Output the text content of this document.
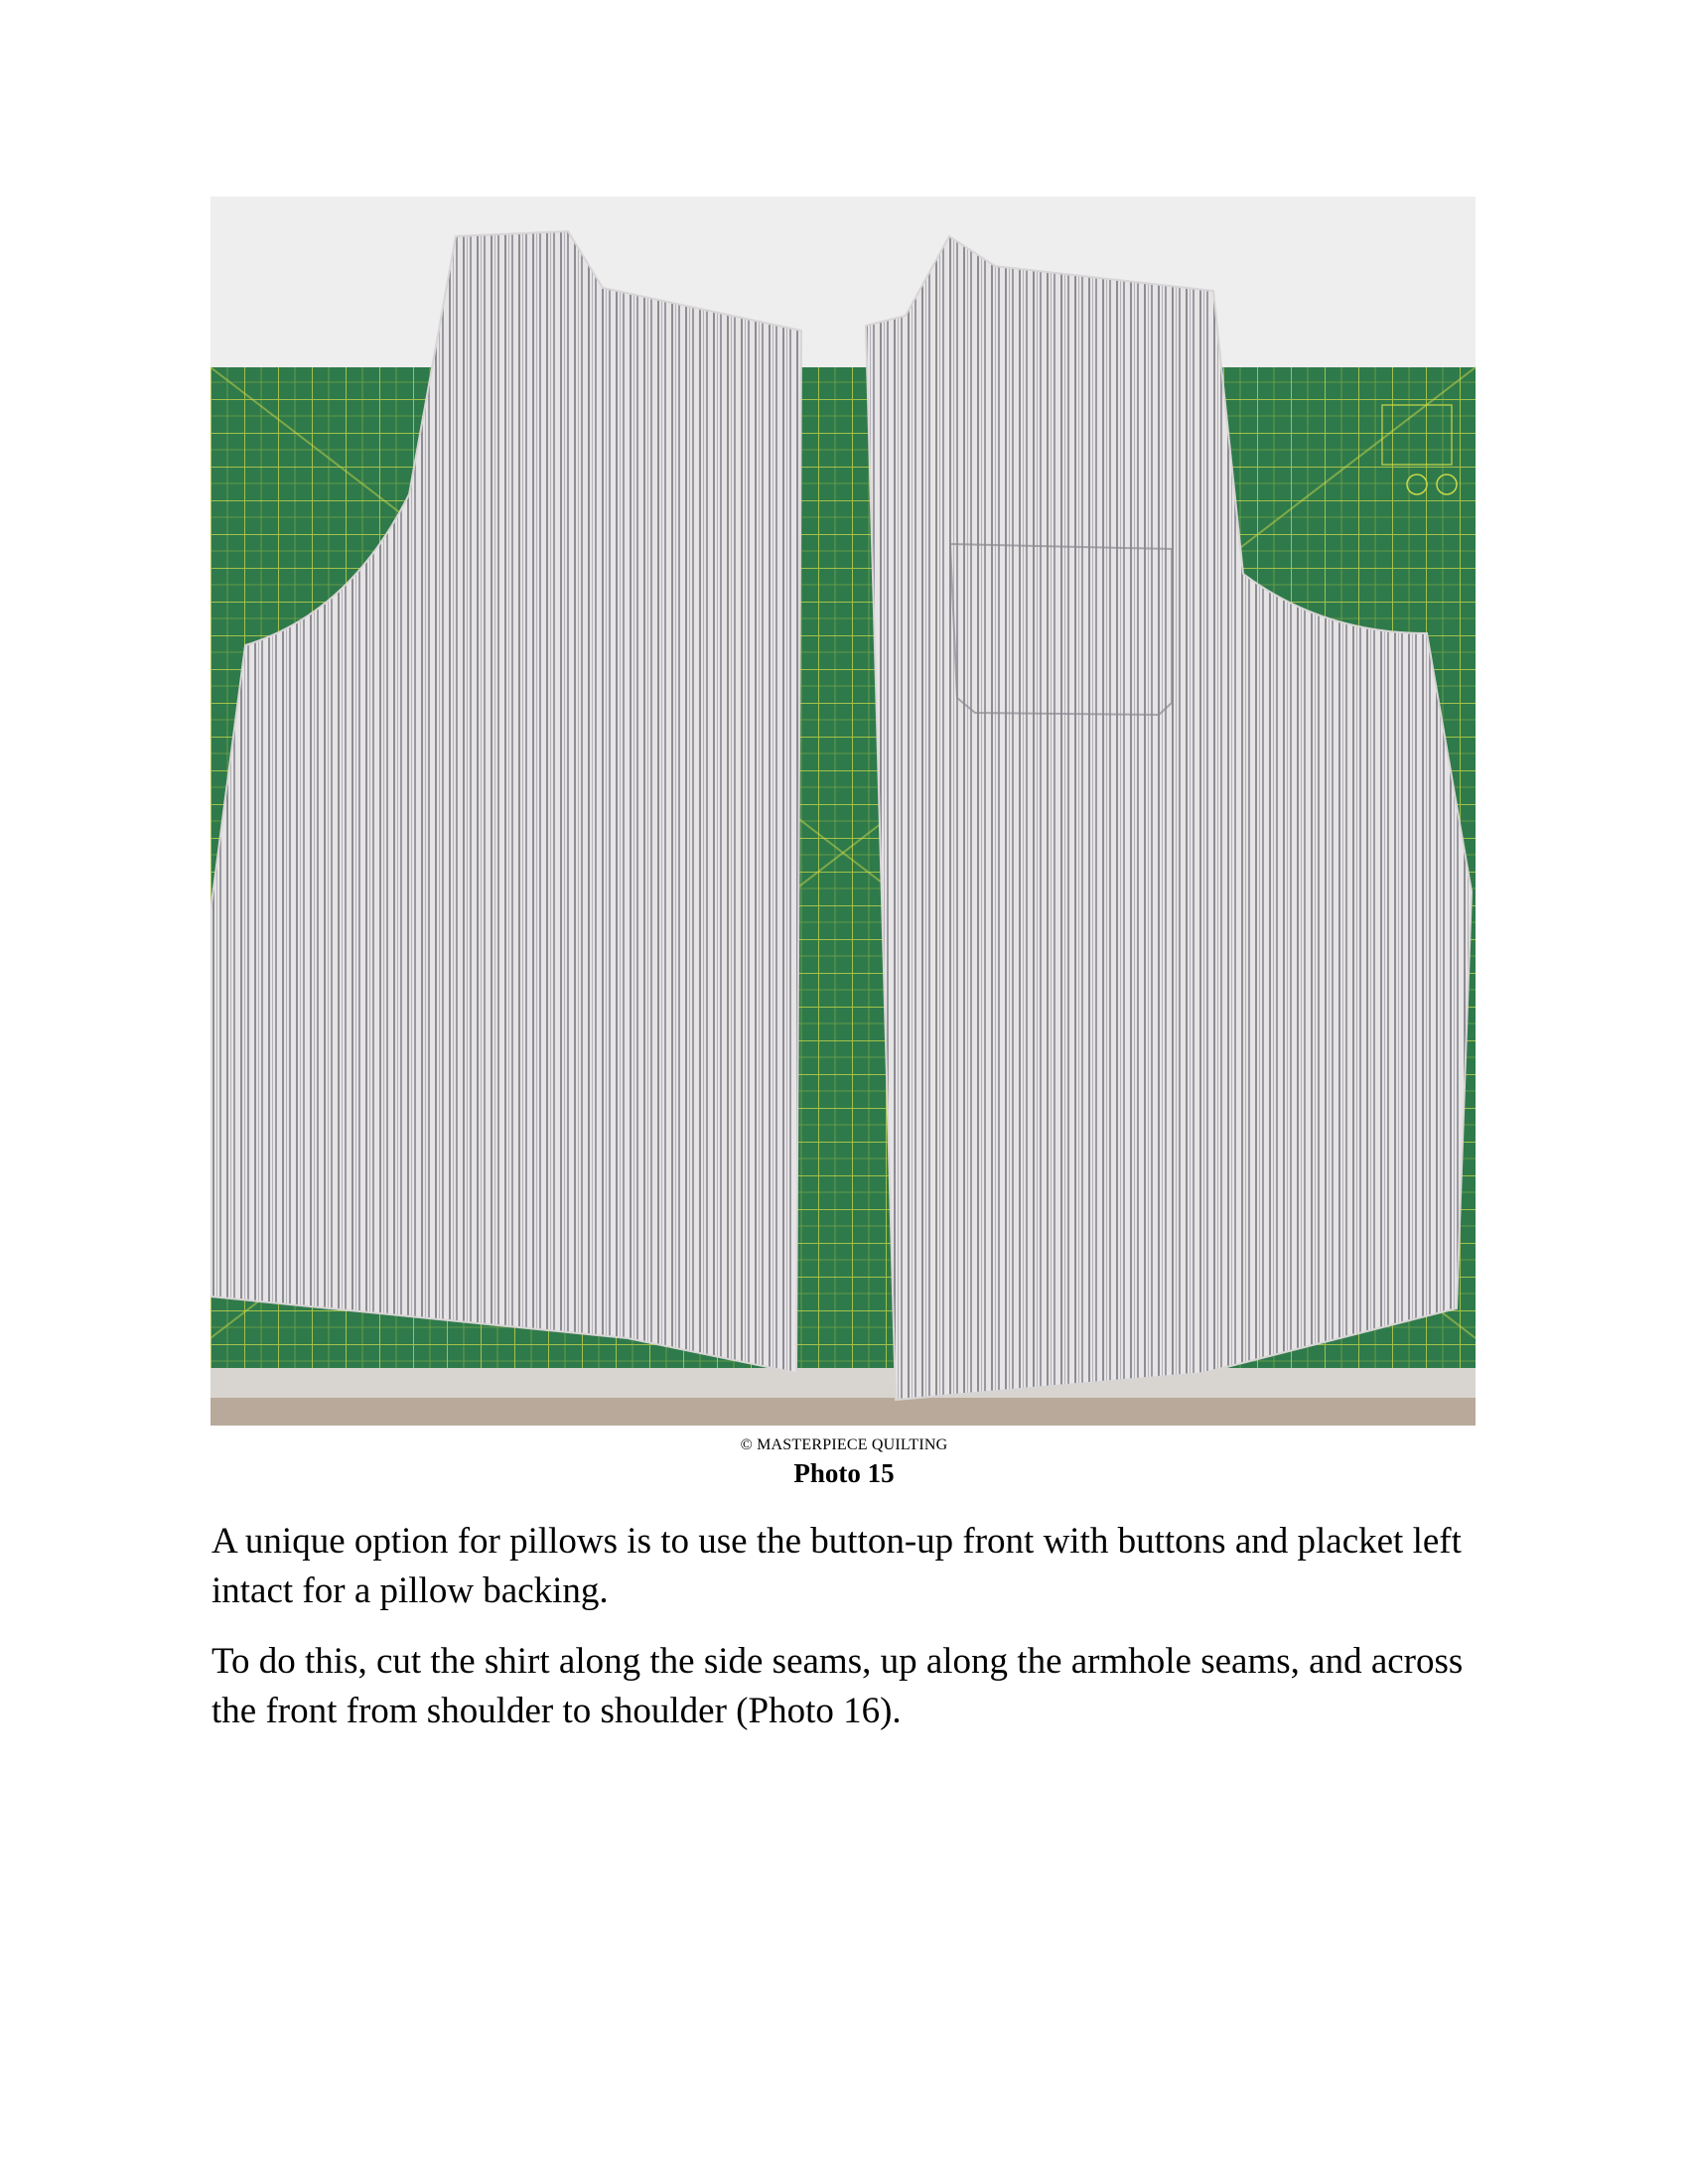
© MASTERPIECE QUILTING
Photo 15

A unique option for pillows is to use the button-up front with buttons and placket left intact for a pillow backing.

To do this, cut the shirt along the side seams, up along the armhole seams, and across the front from shoulder to shoulder (Photo 16).
